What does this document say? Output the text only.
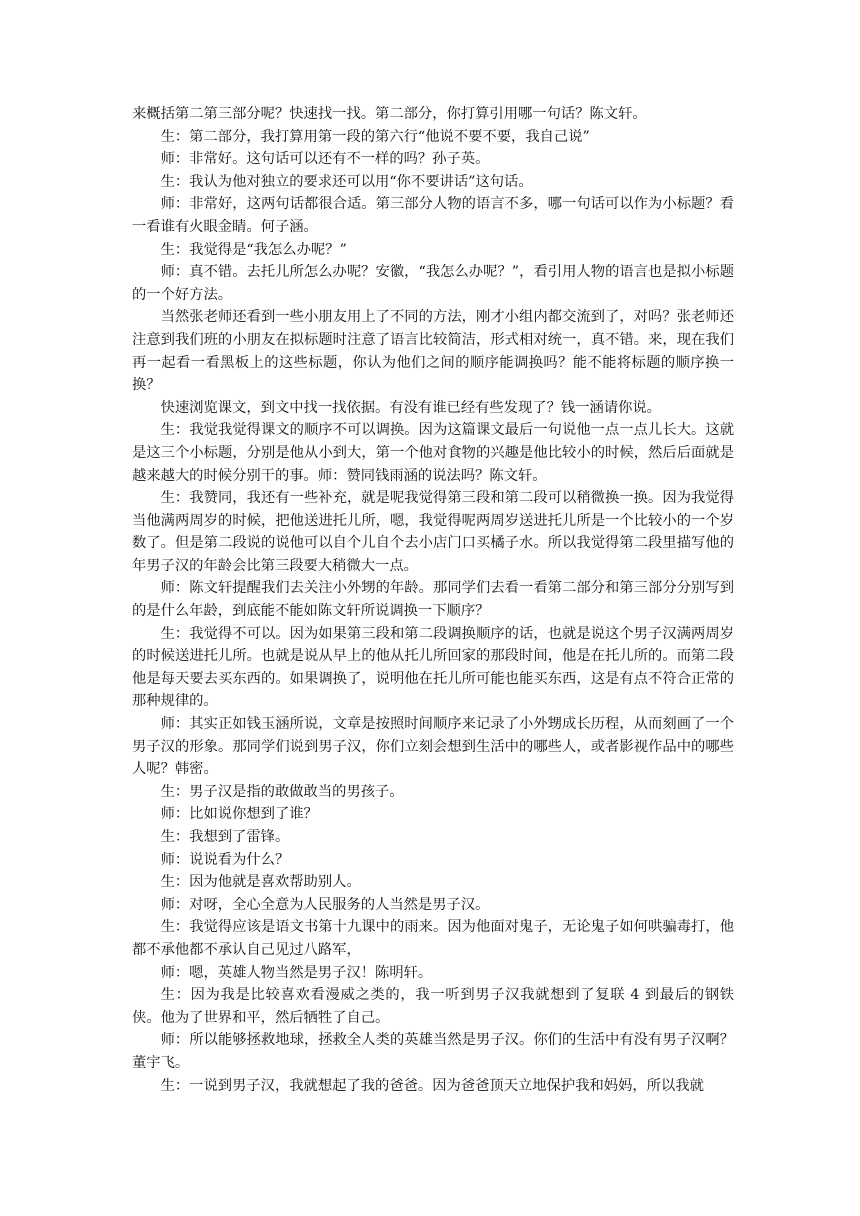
来概括第二第三部分呢？快速找一找。第二部分，你打算引用哪一句话？陈文轩。

生：第二部分，我打算用第一段的第六行“他说不要不要，我自己说”

师：非常好。这句话可以还有不一样的吗？孙子英。

生：我认为他对独立的要求还可以用“你不要讲话”这句话。

师：非常好，这两句话都很合适。第三部分人物的语言不多，哪一句话可以作为小标题？看一看谁有火眼金睛。何子涵。

生：我觉得是“我怎么办呢？”

师：真不错。去托儿所怎么办呢？安徽，“我怎么办呢？”，看引用人物的语言也是拟小标题的一个好方法。

当然张老师还看到一些小朋友用上了不同的方法，刚才小组内都交流到了，对吗？张老师还注意到我们班的小朋友在拟标题时注意了语言比较简洁，形式相对统一，真不错。来，现在我们再一起看一看黑板上的这些标题，你认为他们之间的顺序能调换吗？能不能将标题的顺序换一换？

快速浏览课文，到文中找一找依据。有没有谁已经有些发现了？钱一涵请你说。

生：我觉我觉得课文的顺序不可以调换。因为这篇课文最后一句说他一点一点儿长大。这就是这三个小标题，分别是他从小到大，第一个他对食物的兴趣是他比较小的时候，然后后面就是越来越大的时候分别干的事。师：赞同钱雨涵的说法吗？陈文轩。

生：我赞同，我还有一些补充，就是呢我觉得第三段和第二段可以稍微换一换。因为我觉得当他满两周岁的时候，把他送进托儿所，嗯，我觉得呢两周岁送进托儿所是一个比较小的一个岁数了。但是第二段说的说他可以自个儿自个去小店门口买橘子水。所以我觉得第二段里描写他的年男子汉的年龄会比第三段要大稍微大一点。

师：陈文轩提醒我们去关注小外甥的年龄。那同学们去看一看第二部分和第三部分分别写到的是什么年龄，到底能不能如陈文轩所说调换一下顺序？

生：我觉得不可以。因为如果第三段和第二段调换顺序的话，也就是说这个男子汉满两周岁的时候送进托儿所。也就是说从早上的他从托儿所回家的那段时间，他是在托儿所的。而第二段他是每天要去买东西的。如果调换了，说明他在托儿所可能也能买东西，这是有点不符合正常的那种规律的。

师：其实正如钱玉涵所说，文章是按照时间顺序来记录了小外甥成长历程，从而刻画了一个男子汉的形象。那同学们说到男子汉，你们立刻会想到生活中的哪些人，或者影视作品中的哪些人呢？韩密。

生：男子汉是指的敢做敢当的男孩子。

师：比如说你想到了谁？

生：我想到了雷锋。

师：说说看为什么？

生：因为他就是喜欢帮助别人。

师：对呀，全心全意为人民服务的人当然是男子汉。

生：我觉得应该是语文书第十九课中的雨来。因为他面对鬼子，无论鬼子如何哄骗毒打，他都不承他都不承认自己见过八路军，

师：嗯，英雄人物当然是男子汉！陈明轩。

生：因为我是比较喜欢看漫威之类的，我一听到男子汉我就想到了复联 4 到最后的钢铁侠。他为了世界和平，然后牺牲了自己。

师：所以能够拯救地球，拯救全人类的英雄当然是男子汉。你们的生活中有没有男子汉啊？董宇飞。

生：一说到男子汉，我就想起了我的爸爸。因为爸爸顶天立地保护我和妈妈，所以我就
